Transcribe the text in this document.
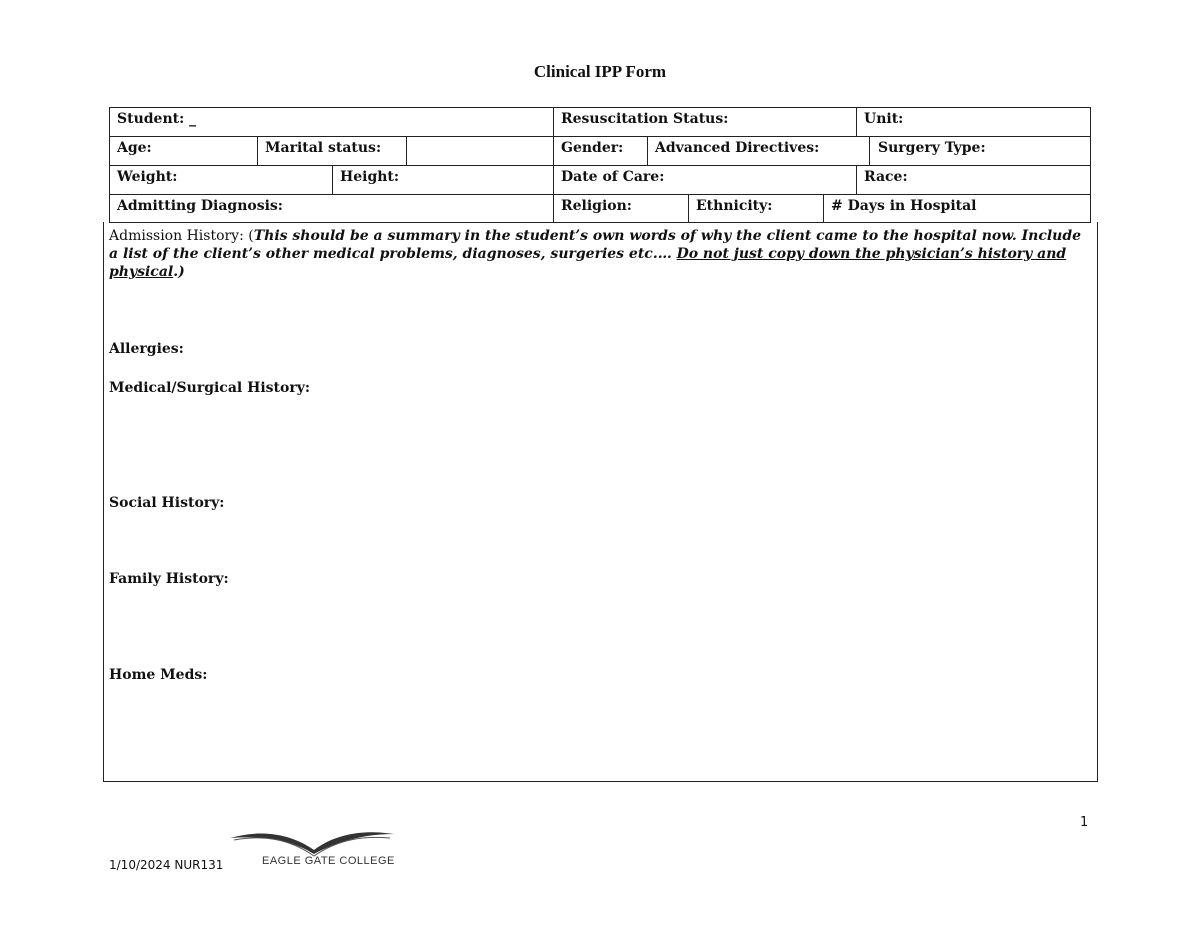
Clinical IPP Form
Student: _	Resuscitation Status:	Unit:
Age:	Marital status:	Gender:	Advanced Directives:	Surgery Type:
Weight:	Height:	Date of Care:	Race:
Admitting Diagnosis:	Religion:	Ethnicity:	# Days in Hospital
Admission History: (This should be a summary in the student’s own words of why the client came to the hospital now. Include a list of the client’s other medical problems, diagnoses, surgeries etc.… Do not just copy down the physician’s history and physical.)
Allergies:
Medical/Surgical History:
Social History:
Family History:
Home Meds:
1
1/10/2024 NUR131	EAGLE GATE COLLEGE
